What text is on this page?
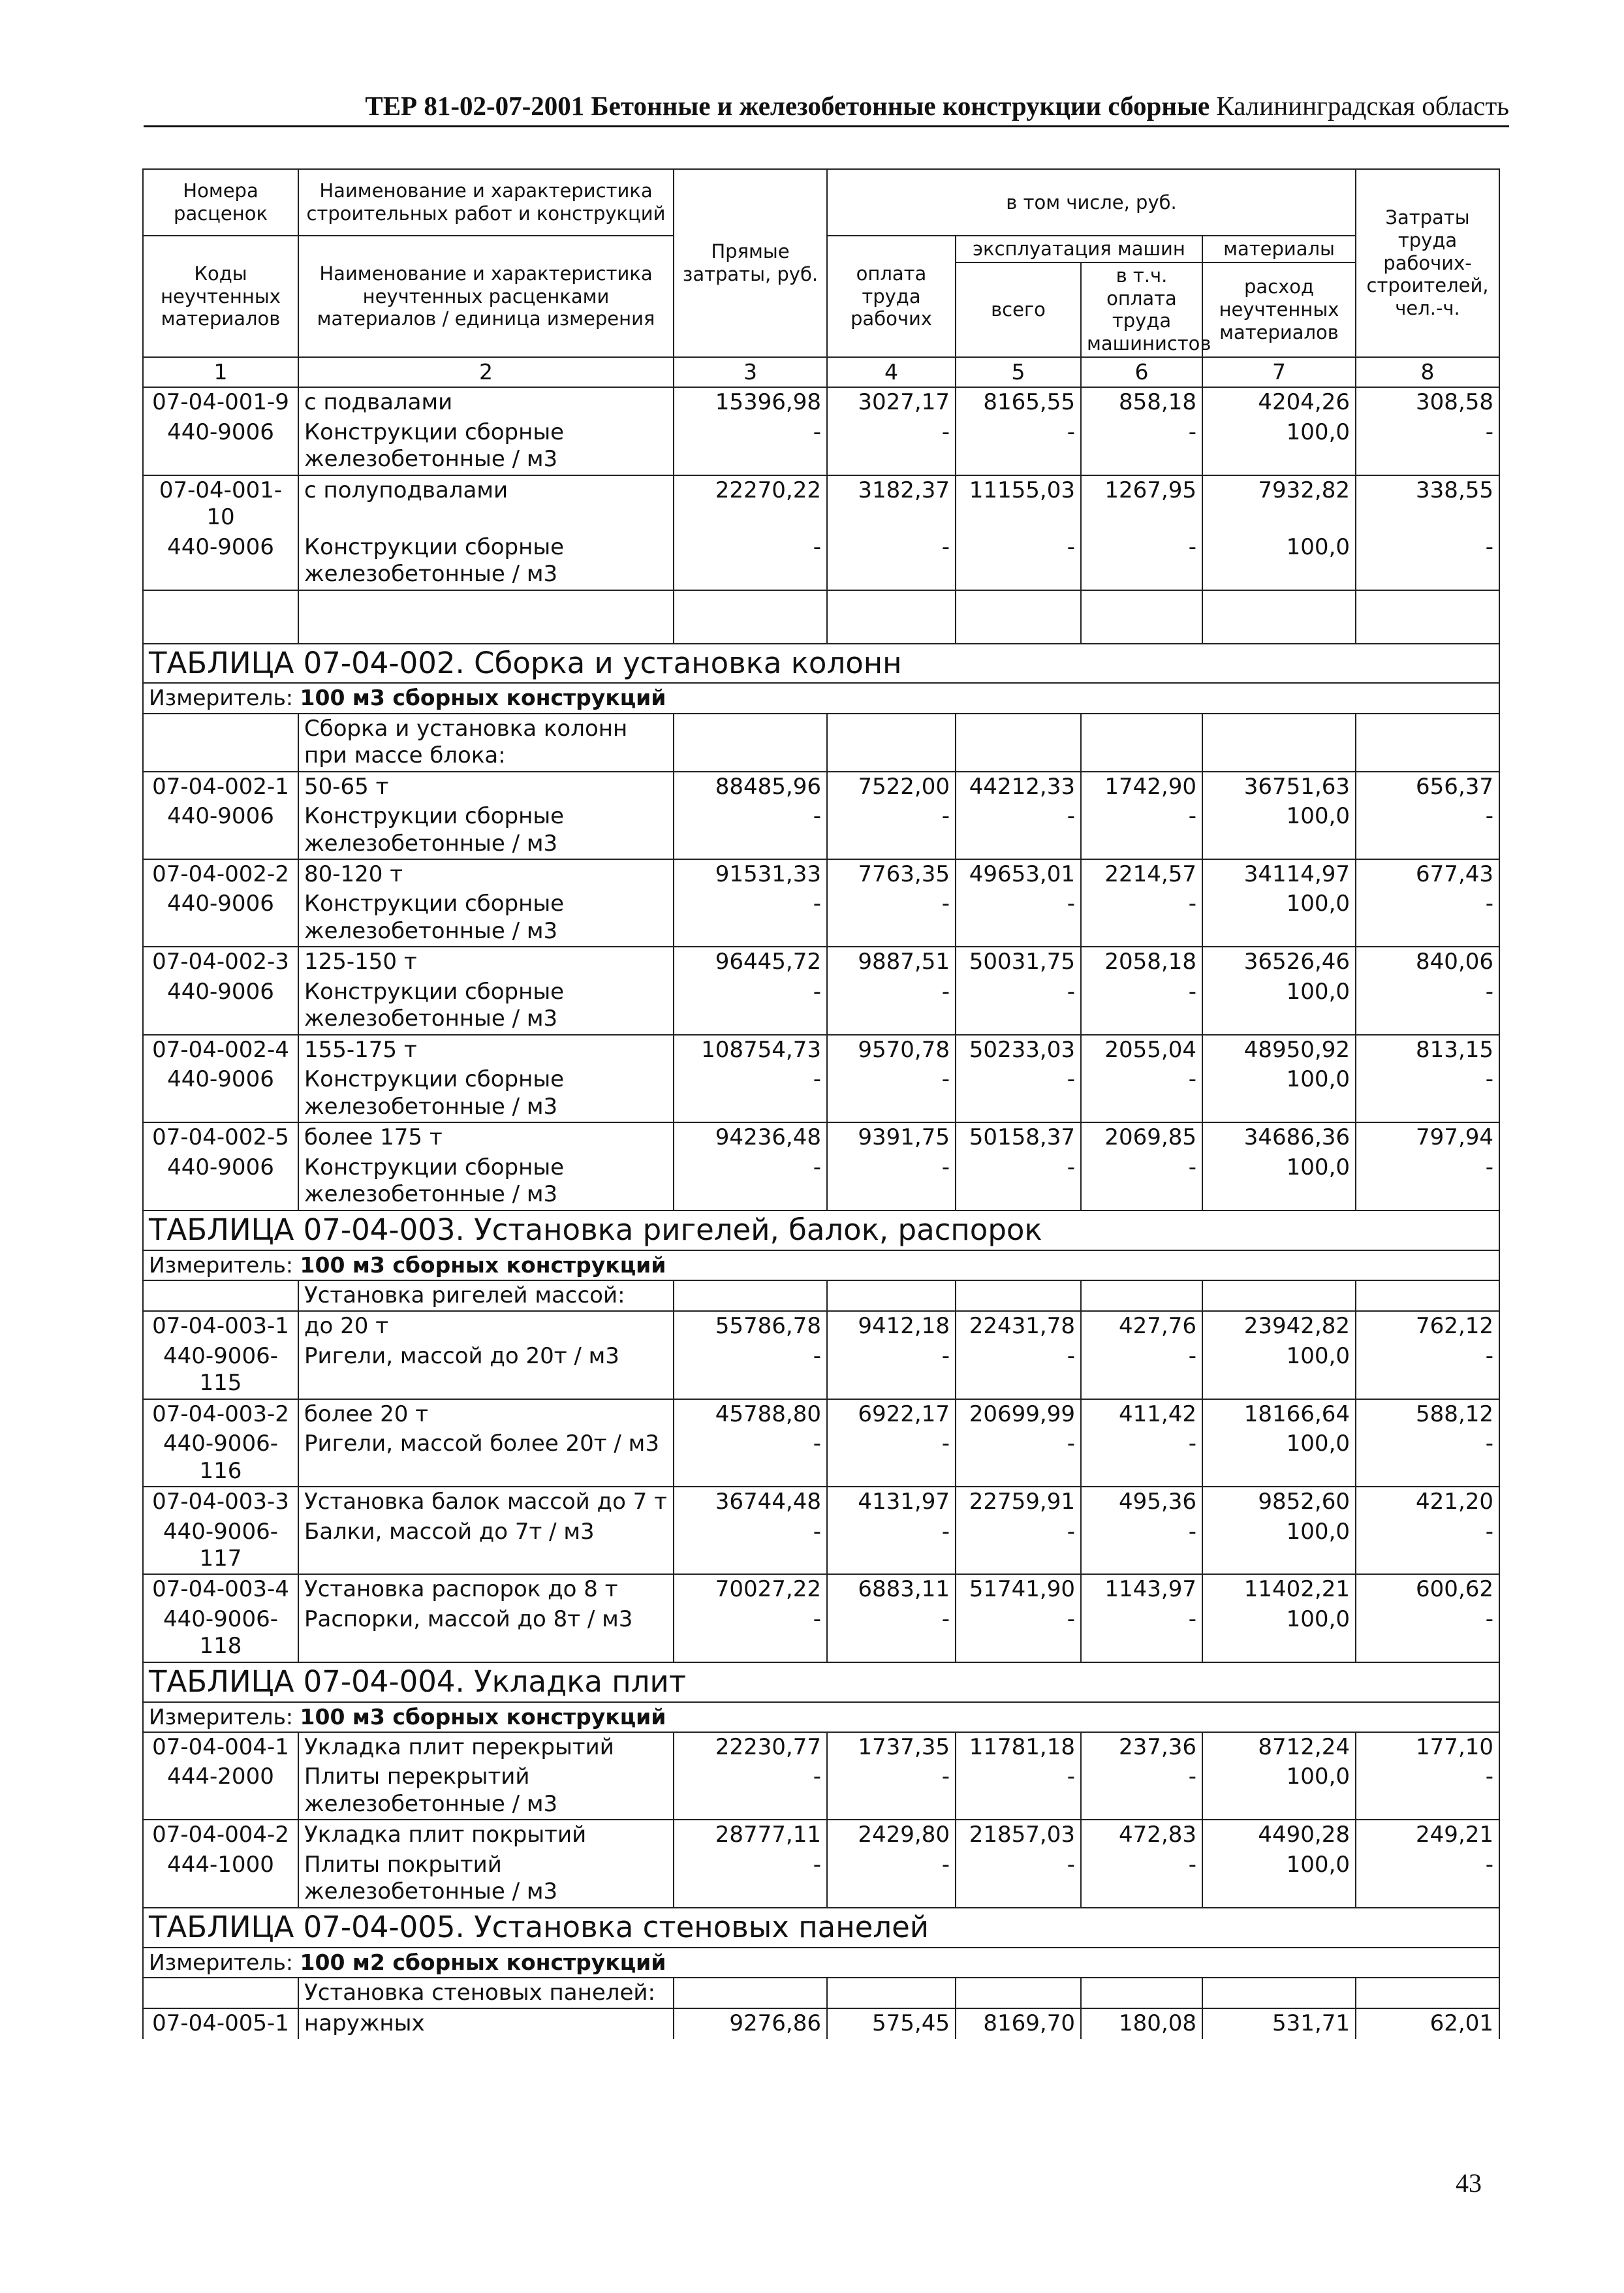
ТЕР 81-02-07-2001 Бетонные и железобетонные конструкции сборные Калининградская область
Номера расценок	Наименование и характеристика строительных работ и конструкций	Прямые затраты, руб.	в том числе, руб.				Затраты труда рабочих-строителей, чел.-ч.
Коды неучтенных материалов	Наименование и характеристика неучтенных расценками материалов / единица измерения		оплата труда рабочих	эксплуатация машин		материалы	
				всего	в т.ч. оплата труда машинистов	расход неучтенных материалов	
1	2	3	4	5	6	7	8
07-04-001-9	с подвалами	15396,98	3027,17	8165,55	858,18	4204,26	308,58
440-9006	Конструкции сборные железобетонные / м3	-	-	-	-	100,0	-
07-04-001-10	с полуподвалами	22270,22	3182,37	11155,03	1267,95	7932,82	338,55
440-9006	Конструкции сборные железобетонные / м3	-	-	-	-	100,0	-

ТАБЛИЦА 07-04-002. Сборка и установка колонн							
Измеритель: 100 м3 сборных конструкций							
	Сборка и установка колонн при массе блока:						
07-04-002-1	50-65 т	88485,96	7522,00	44212,33	1742,90	36751,63	656,37
440-9006	Конструкции сборные железобетонные / м3	-	-	-	-	100,0	-
07-04-002-2	80-120 т	91531,33	7763,35	49653,01	2214,57	34114,97	677,43
440-9006	Конструкции сборные железобетонные / м3	-	-	-	-	100,0	-
07-04-002-3	125-150 т	96445,72	9887,51	50031,75	2058,18	36526,46	840,06
440-9006	Конструкции сборные железобетонные / м3	-	-	-	-	100,0	-
07-04-002-4	155-175 т	108754,73	9570,78	50233,03	2055,04	48950,92	813,15
440-9006	Конструкции сборные железобетонные / м3	-	-	-	-	100,0	-
07-04-002-5	более 175 т	94236,48	9391,75	50158,37	2069,85	34686,36	797,94
440-9006	Конструкции сборные железобетонные / м3	-	-	-	-	100,0	-
ТАБЛИЦА 07-04-003. Установка ригелей, балок, распорок							
Измеритель: 100 м3 сборных конструкций							
	Установка ригелей массой:						
07-04-003-1	до 20 т	55786,78	9412,18	22431,78	427,76	23942,82	762,12
440-9006-115	Ригели, массой до 20т / м3	-	-	-	-	100,0	-
07-04-003-2	более 20 т	45788,80	6922,17	20699,99	411,42	18166,64	588,12
440-9006-116	Ригели, массой более 20т / м3	-	-	-	-	100,0	-
07-04-003-3	Установка балок массой до 7 т	36744,48	4131,97	22759,91	495,36	9852,60	421,20
440-9006-117	Балки, массой до 7т / м3	-	-	-	-	100,0	-
07-04-003-4	Установка распорок до 8 т	70027,22	6883,11	51741,90	1143,97	11402,21	600,62
440-9006-118	Распорки, массой до 8т / м3	-	-	-	-	100,0	-
ТАБЛИЦА 07-04-004. Укладка плит							
Измеритель: 100 м3 сборных конструкций							
07-04-004-1	Укладка плит перекрытий	22230,77	1737,35	11781,18	237,36	8712,24	177,10
444-2000	Плиты перекрытий железобетонные / м3	-	-	-	-	100,0	-
07-04-004-2	Укладка плит покрытий	28777,11	2429,80	21857,03	472,83	4490,28	249,21
444-1000	Плиты покрытий железобетонные / м3	-	-	-	-	100,0	-
ТАБЛИЦА 07-04-005. Установка стеновых панелей							
Измеритель: 100 м2 сборных конструкций							
	Установка стеновых панелей:						
07-04-005-1	наружных	9276,86	575,45	8169,70	180,08	531,71	62,01
43
